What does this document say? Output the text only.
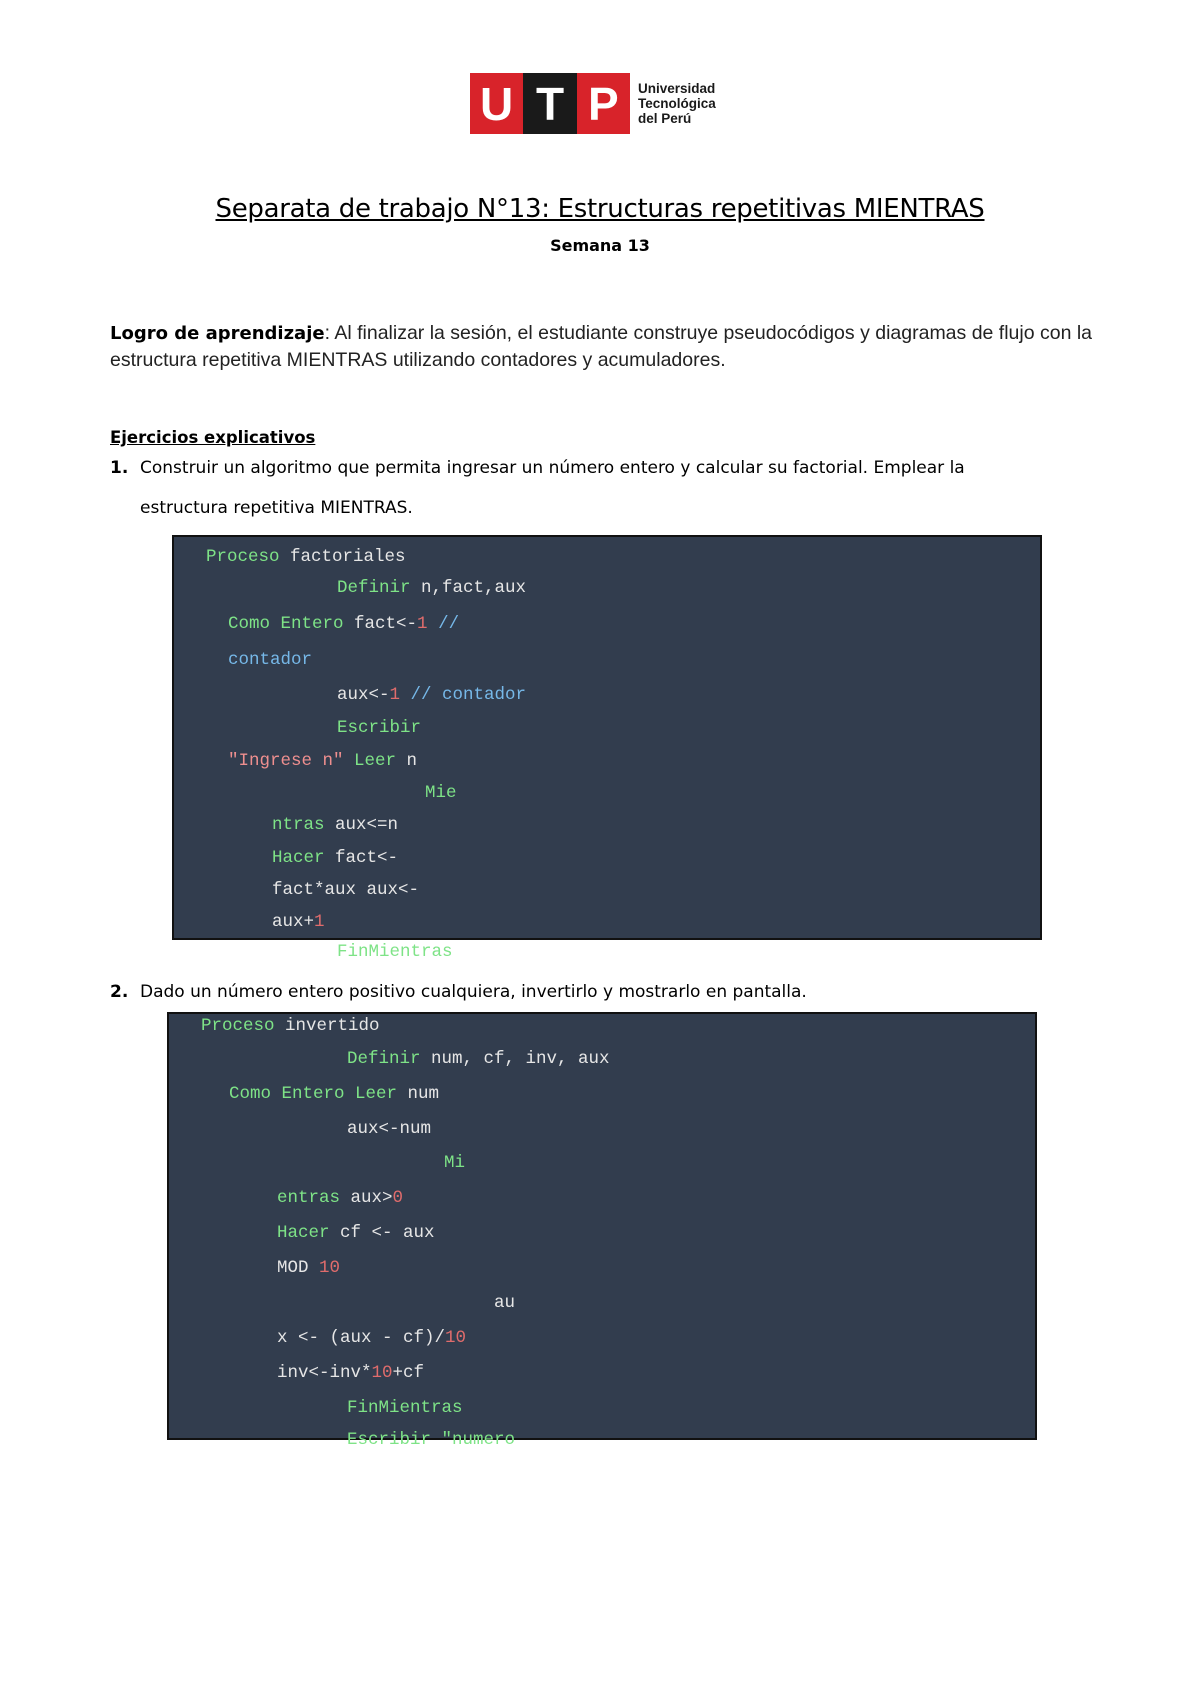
U T P	Universidad
Tecnológica
del Perú
Separata de trabajo N°13: Estructuras repetitivas MIENTRAS
Semana 13
Logro de aprendizaje: Al finalizar la sesión, el estudiante construye pseudocódigos y diagramas de flujo con la estructura repetitiva MIENTRAS utilizando contadores y acumuladores.
Ejercicios explicativos
1. Construir un algoritmo que permita ingresar un número entero y calcular su factorial. Emplear la
estructura repetitiva MIENTRAS.
Proceso factoriales
Definir n,fact,aux
Como Entero fact<-1 //
contador
aux<-1 // contador
Escribir
"Ingrese n" Leer n
Mie
ntras aux<=n
Hacer fact<-
fact*aux aux<-
aux+1
FinMientras
2. Dado un número entero positivo cualquiera, invertirlo y mostrarlo en pantalla.
Proceso invertido
Definir num, cf, inv, aux
Como Entero Leer num
aux<-num
Mi
entras aux>0
Hacer cf <- aux
MOD 10
au
x <- (aux - cf)/10
inv<-inv*10+cf
FinMientras
Escribir "numero
